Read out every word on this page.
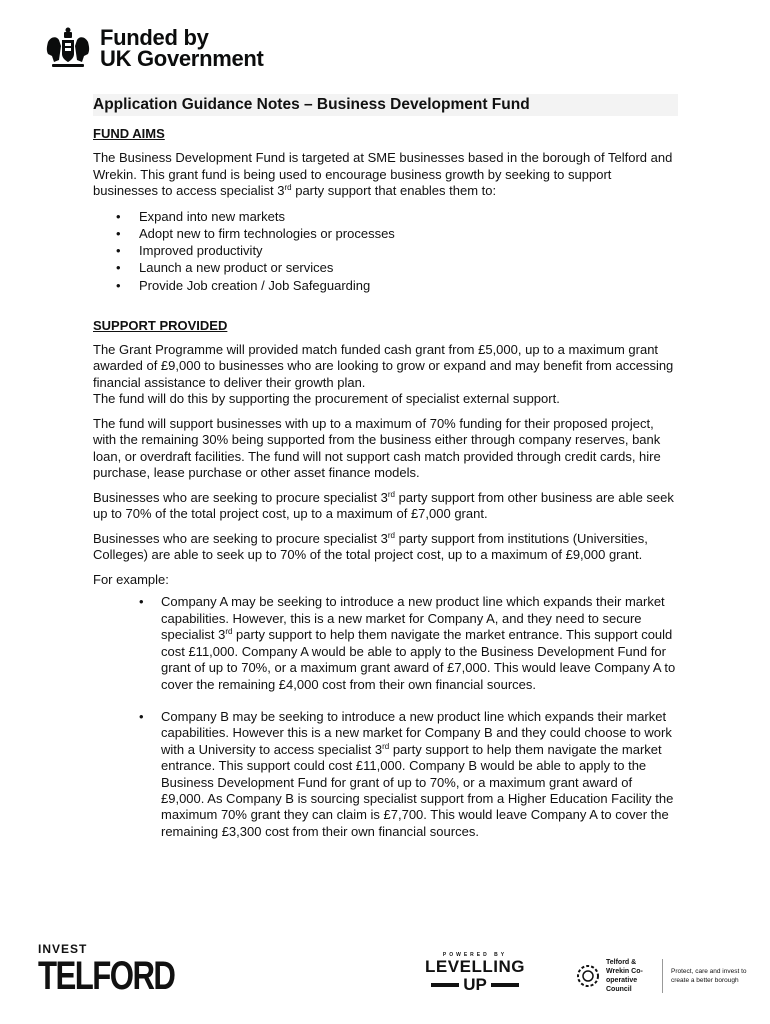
Funded by
UK Government
Application Guidance Notes – Business Development Fund
FUND AIMS

The Business Development Fund is targeted at SME businesses based in the borough of Telford and Wrekin. This grant fund is being used to encourage business growth by seeking to support businesses to access specialist 3rd party support that enables them to:

• Expand into new markets
• Adopt new to firm technologies or processes
• Improved productivity
• Launch a new product or services
• Provide Job creation / Job Safeguarding
SUPPORT PROVIDED

The Grant Programme will provided match funded cash grant from £5,000, up to a maximum grant awarded of £9,000 to businesses who are looking to grow or expand and may benefit from accessing financial assistance to deliver their growth plan.

The fund will do this by supporting the procurement of specialist external support.

The fund will support businesses with up to a maximum of 70% funding for their proposed project, with the remaining 30% being supported from the business either through company reserves, bank loan, or overdraft facilities. The fund will not support cash match provided through credit cards, hire purchase, lease purchase or other asset finance models.

Businesses who are seeking to procure specialist 3rd party support from other business are able seek up to 70% of the total project cost, up to a maximum of £7,000 grant.

Businesses who are seeking to procure specialist 3rd party support from institutions (Universities, Colleges) are able to seek up to 70% of the total project cost, up to a maximum of £9,000 grant.

For example:

• Company A may be seeking to introduce a new product line which expands their market capabilities. However, this is a new market for Company A, and they need to secure specialist 3rd party support to help them navigate the market entrance. This support could cost £11,000. Company A would be able to apply to the Business Development Fund for grant of up to 70%, or a maximum grant award of £7,000. This would leave Company A to cover the remaining £4,000 cost from their own financial sources.
• Company B may be seeking to introduce a new product line which expands their market capabilities. However this is a new market for Company B and they could choose to work with a University to access specialist 3rd party support to help them navigate the market entrance. This support could cost £11,000. Company B would be able to apply to the Business Development Fund for grant of up to 70%, or a maximum grant award of £9,000. As Company B is sourcing specialist support from a Higher Education Facility the maximum 70% grant they can claim is £7,700. This would leave Company A to cover the remaining £3,300 cost from their own financial sources.
INVEST
TELFORD	POWERED BY
LEVELLING
UP
Telford & Wrekin Co-operative Council
Protect, care and invest to create a better borough
